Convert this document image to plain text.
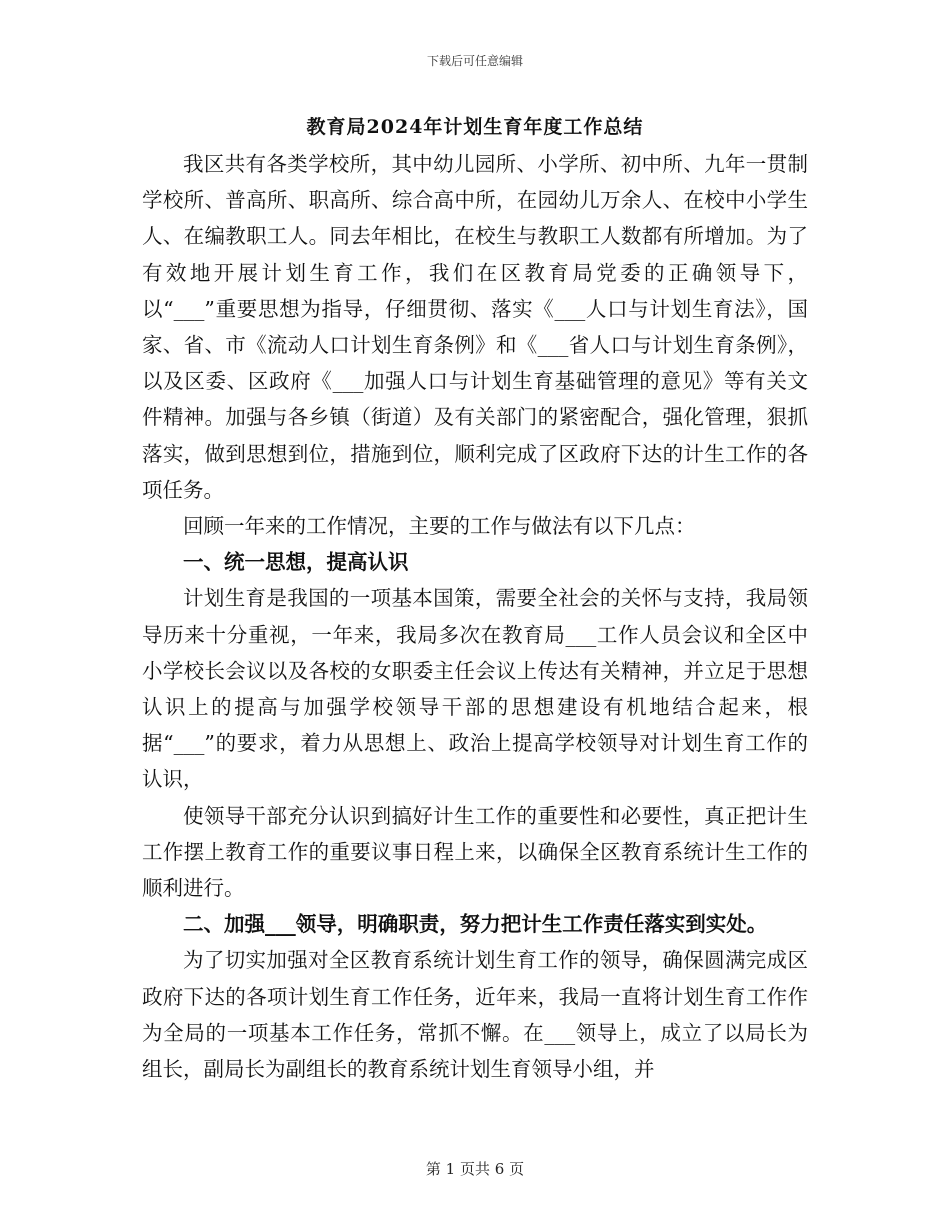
下载后可任意编辑
教育局2024年计划生育年度工作总结

我区共有各类学校所，其中幼儿园所、小学所、初中所、九年一贯制学校所、普高所、职高所、综合高中所，在园幼儿万余人、在校中小学生人、在编教职工人。同去年相比，在校生与教职工人数都有所增加。为了有效地开展计划生育工作，我们在区教育局党委的正确领导下，以“___”重要思想为指导，仔细贯彻、落实《___人口与计划生育法》，国家、省、市《流动人口计划生育条例》和《___省人口与计划生育条例》，以及区委、区政府《___加强人口与计划生育基础管理的意见》等有关文件精神。加强与各乡镇（街道）及有关部门的紧密配合，强化管理，狠抓落实，做到思想到位，措施到位，顺利完成了区政府下达的计生工作的各项任务。

回顾一年来的工作情况，主要的工作与做法有以下几点：

一、统一思想，提高认识

计划生育是我国的一项基本国策，需要全社会的关怀与支持，我局领导历来十分重视，一年来，我局多次在教育局___工作人员会议和全区中小学校长会议以及各校的女职委主任会议上传达有关精神，并立足于思想认识上的提高与加强学校领导干部的思想建设有机地结合起来，根据“___”的要求，着力从思想上、政治上提高学校领导对计划生育工作的认识，

使领导干部充分认识到搞好计生工作的重要性和必要性，真正把计生工作摆上教育工作的重要议事日程上来，以确保全区教育系统计生工作的顺利进行。

二、加强___领导，明确职责，努力把计生工作责任落实到实处。

为了切实加强对全区教育系统计划生育工作的领导，确保圆满完成区政府下达的各项计划生育工作任务，近年来，我局一直将计划生育工作作为全局的一项基本工作任务，常抓不懈。在___领导上，成立了以局长为组长，副局长为副组长的教育系统计划生育领导小组，并

第 1 页共 6 页
